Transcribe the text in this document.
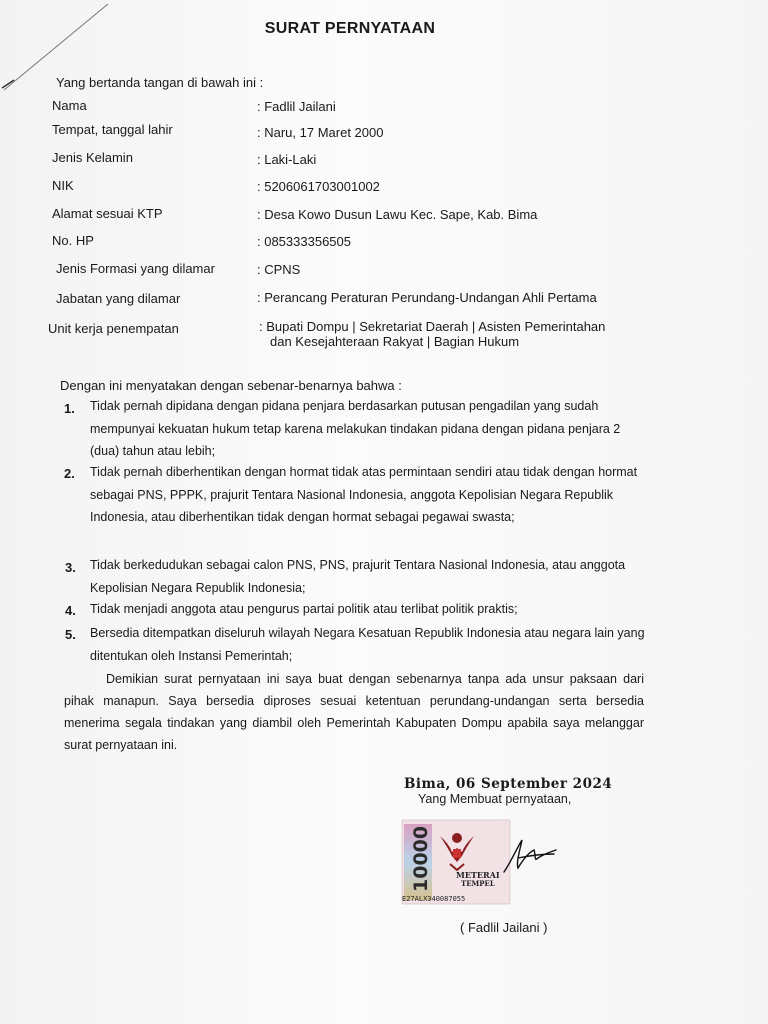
SURAT PERNYATAAN
Yang bertanda tangan di bawah ini :
Nama	: Fadlil Jailani
Tempat, tanggal lahir	: Naru, 17 Maret 2000
Jenis Kelamin	: Laki-Laki
NIK	: 5206061703001002
Alamat sesuai KTP	: Desa Kowo Dusun Lawu Kec. Sape, Kab. Bima
No. HP	: 085333356505
Jenis Formasi yang dilamar	: CPNS
Jabatan yang dilamar	: Perancang Peraturan Perundang-Undangan Ahli Pertama
Unit kerja penempatan	: Bupati Dompu | Sekretariat Daerah | Asisten Pemerintahan
dan Kesejahteraan Rakyat | Bagian Hukum
Dengan ini menyatakan dengan sebenar-benarnya bahwa :
1. Tidak pernah dipidana dengan pidana penjara berdasarkan putusan pengadilan yang sudah mempunyai kekuatan hukum tetap karena melakukan tindakan pidana dengan pidana penjara 2 (dua) tahun atau lebih;
2. Tidak pernah diberhentikan dengan hormat tidak atas permintaan sendiri atau tidak dengan hormat sebagai PNS, PPPK, prajurit Tentara Nasional Indonesia, anggota Kepolisian Negara Republik Indonesia, atau diberhentikan tidak dengan hormat sebagai pegawai swasta;
3. Tidak berkedudukan sebagai calon PNS, PNS, prajurit Tentara Nasional Indonesia, atau anggota Kepolisian Negara Republik Indonesia;
4. Tidak menjadi anggota atau pengurus partai politik atau terlibat politik praktis;
5. Bersedia ditempatkan diseluruh wilayah Negara Kesatuan Republik Indonesia atau negara lain yang ditentukan oleh Instansi Pemerintah;
Demikian surat pernyataan ini saya buat dengan sebenarnya tanpa ada unsur paksaan dari pihak manapun. Saya bersedia diproses sesuai ketentuan perundang-undangan serta bersedia menerima segala tindakan yang diambil oleh Pemerintah Kabupaten Dompu apabila saya melanggar surat pernyataan ini.
Bima, 06 September 2024
Yang Membuat pernyataan,
10000	METERAI
TEMPEL
E27ALX340087055
( Fadlil Jailani )
